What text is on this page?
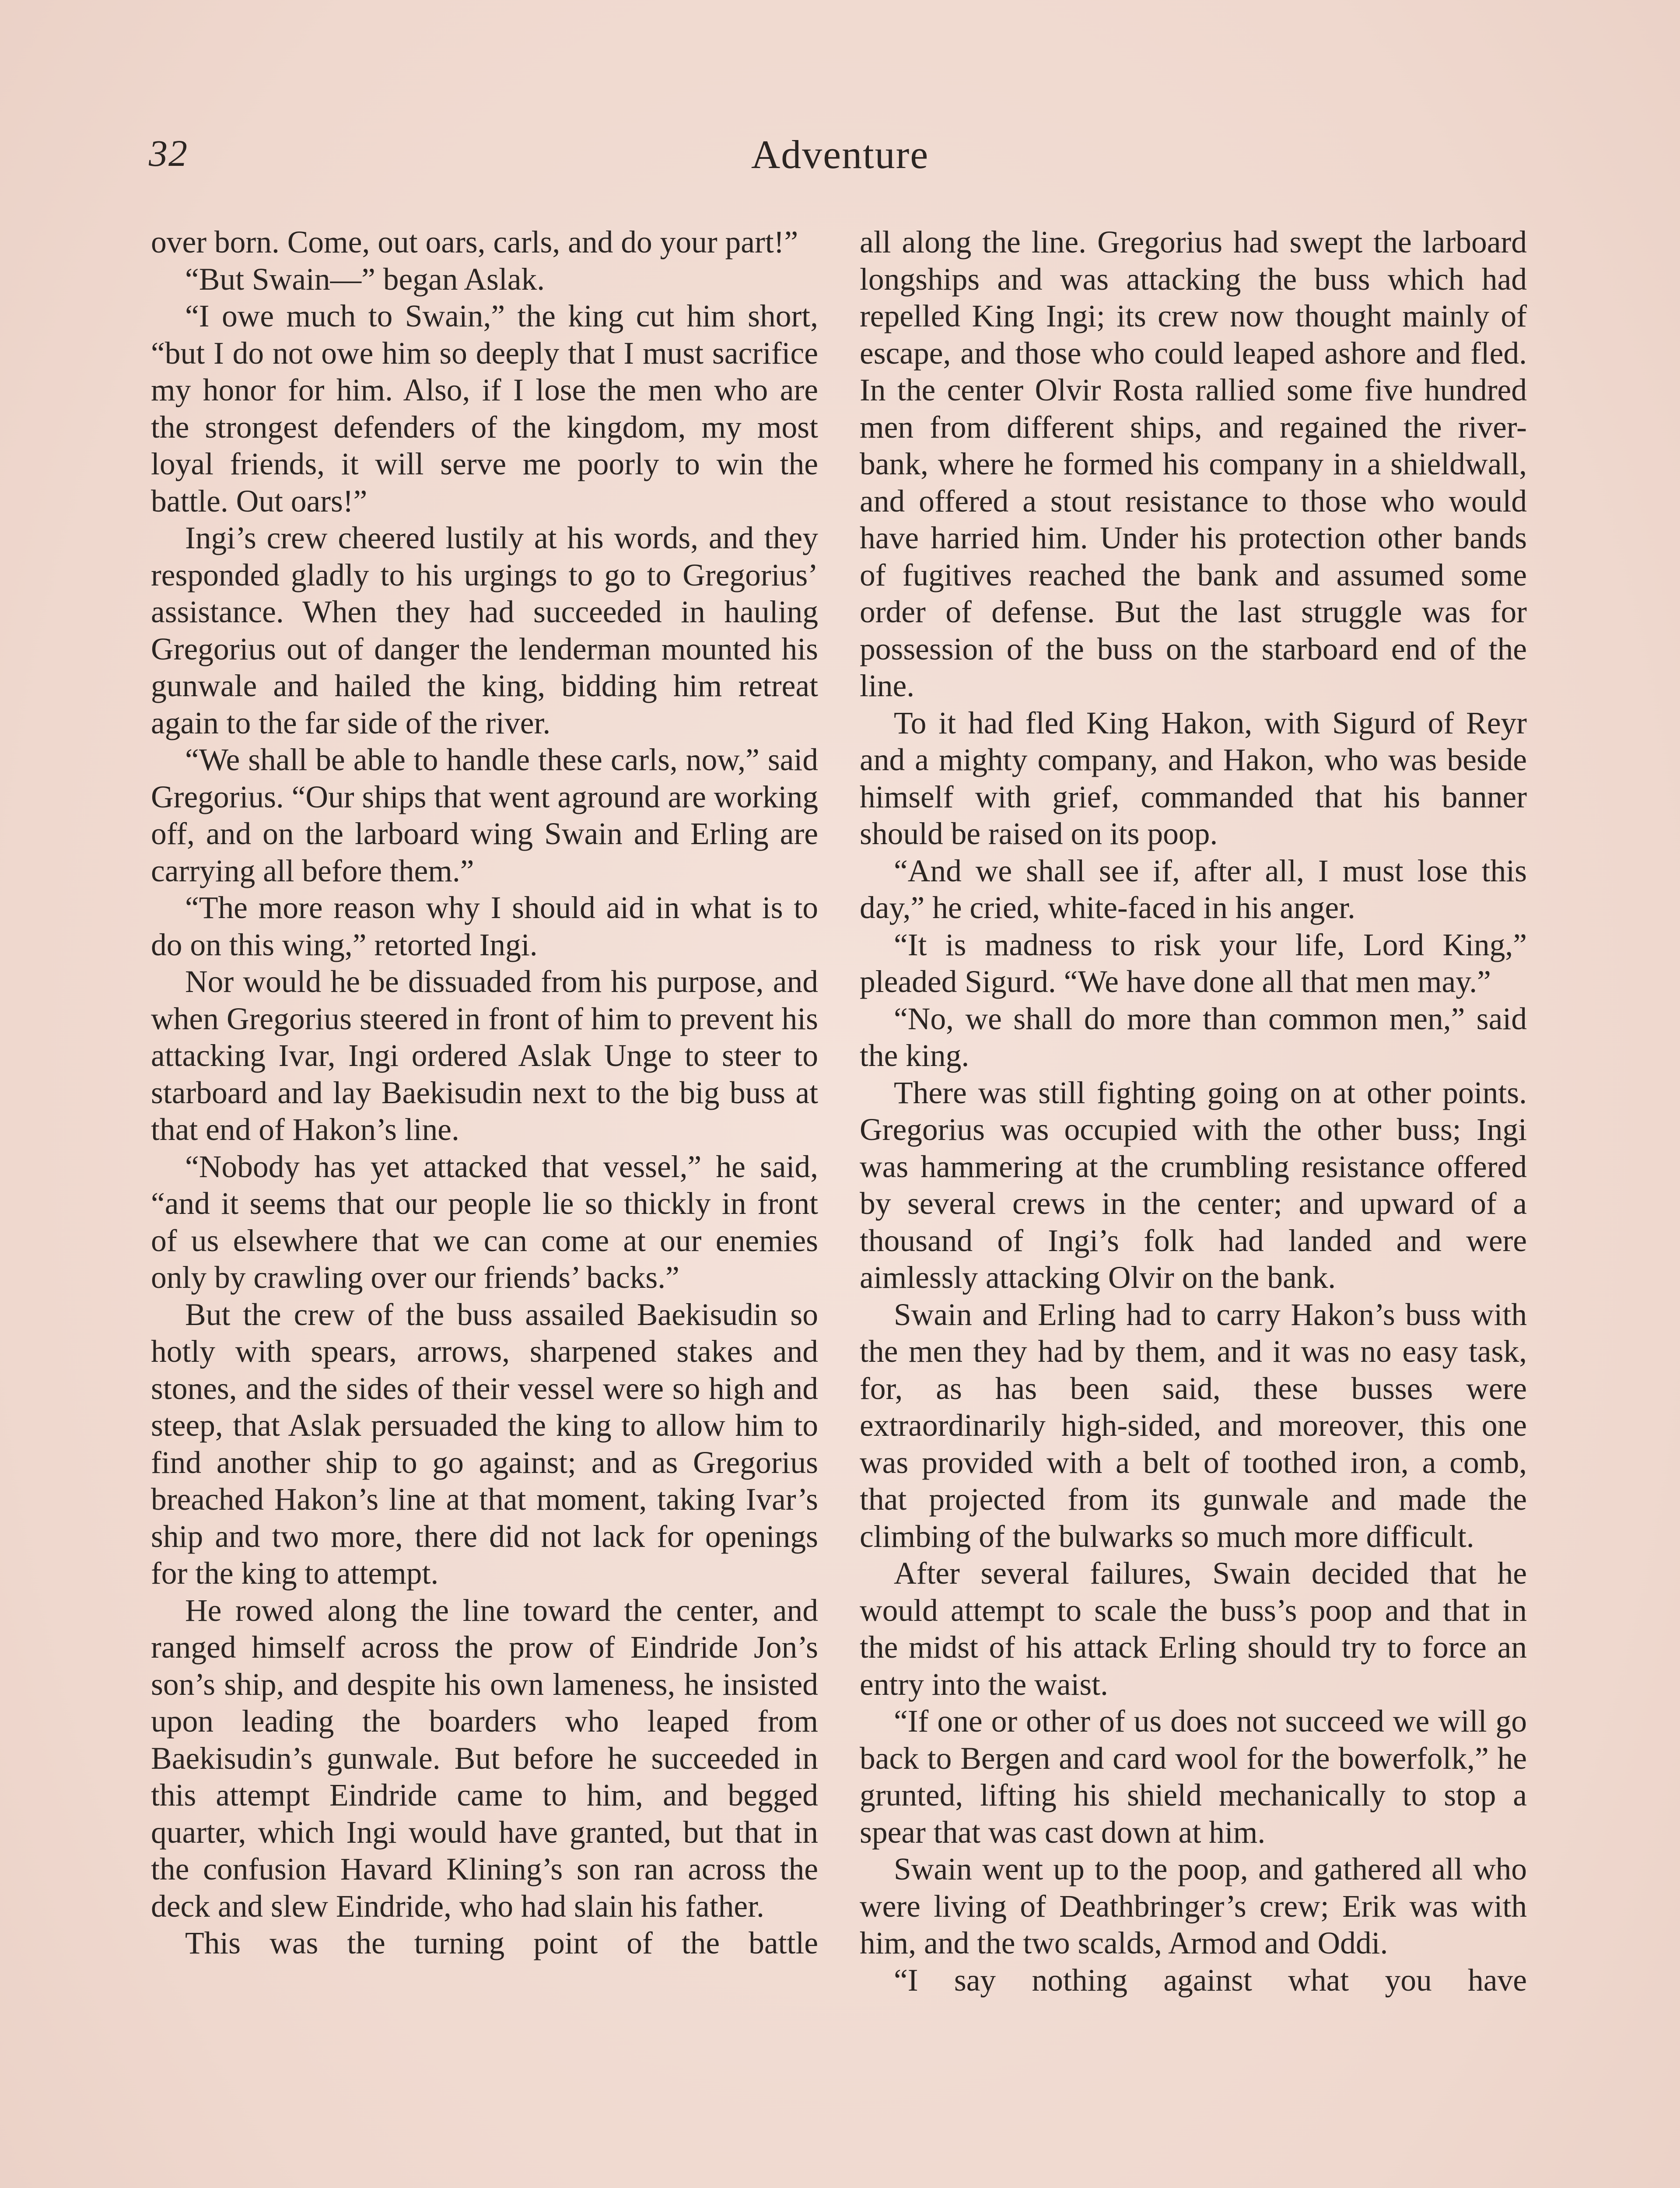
32	Adventure

over born. Come, out oars, carls, and do your part!”

“But Swain—” began Aslak.

“I owe much to Swain,” the king cut him short, “but I do not owe him so deeply that I must sacrifice my honor for him. Also, if I lose the men who are the strongest defenders of the kingdom, my most loyal friends, it will serve me poorly to win the battle. Out oars!”

Ingi’s crew cheered lustily at his words, and they responded gladly to his urgings to go to Gregorius’ assistance. When they had succeeded in hauling Gregorius out of danger the lenderman mounted his gunwale and hailed the king, bidding him retreat again to the far side of the river.

“We shall be able to handle these carls, now,” said Gregorius. “Our ships that went aground are working off, and on the larboard wing Swain and Erling are carrying all before them.”

“The more reason why I should aid in what is to do on this wing,” retorted Ingi.

Nor would he be dissuaded from his purpose, and when Gregorius steered in front of him to prevent his attacking Ivar, Ingi ordered Aslak Unge to steer to starboard and lay Baekisudin next to the big buss at that end of Hakon’s line.

“Nobody has yet attacked that vessel,” he said, “and it seems that our people lie so thickly in front of us elsewhere that we can come at our enemies only by crawling over our friends’ backs.”

But the crew of the buss assailed Baekisudin so hotly with spears, arrows, sharpened stakes and stones, and the sides of their vessel were so high and steep, that Aslak persuaded the king to allow him to find another ship to go against; and as Gregorius breached Hakon’s line at that moment, taking Ivar’s ship and two more, there did not lack for openings for the king to attempt.

He rowed along the line toward the center, and ranged himself across the prow of Eindride Jon’s son’s ship, and despite his own lameness, he insisted upon leading the boarders who leaped from Baekisudin’s gunwale. But before he succeeded in this attempt Eindride came to him, and begged quarter, which Ingi would have granted, but that in the confusion Havard Klining’s son ran across the deck and slew Eindride, who had slain his father.

This was the turning point of the battle

all along the line. Gregorius had swept the larboard longships and was attacking the buss which had repelled King Ingi; its crew now thought mainly of escape, and those who could leaped ashore and fled. In the center Olvir Rosta rallied some five hundred men from different ships, and regained the river-bank, where he formed his company in a shieldwall, and offered a stout resistance to those who would have harried him. Under his protection other bands of fugitives reached the bank and assumed some order of defense. But the last struggle was for possession of the buss on the starboard end of the line.

To it had fled King Hakon, with Sigurd of Reyr and a mighty company, and Hakon, who was beside himself with grief, commanded that his banner should be raised on its poop.

“And we shall see if, after all, I must lose this day,” he cried, white-faced in his anger.

“It is madness to risk your life, Lord King,” pleaded Sigurd. “We have done all that men may.”

“No, we shall do more than common men,” said the king.

There was still fighting going on at other points. Gregorius was occupied with the other buss; Ingi was hammering at the crumbling resistance offered by several crews in the center; and upward of a thousand of Ingi’s folk had landed and were aimlessly attacking Olvir on the bank.

Swain and Erling had to carry Hakon’s buss with the men they had by them, and it was no easy task, for, as has been said, these busses were extraordinarily high-sided, and moreover, this one was provided with a belt of toothed iron, a comb, that projected from its gunwale and made the climbing of the bulwarks so much more difficult.

After several failures, Swain decided that he would attempt to scale the buss’s poop and that in the midst of his attack Erling should try to force an entry into the waist.

“If one or other of us does not succeed we will go back to Bergen and card wool for the bowerfolk,” he grunted, lifting his shield mechanically to stop a spear that was cast down at him.

Swain went up to the poop, and gathered all who were living of Deathbringer’s crew; Erik was with him, and the two scalds, Armod and Oddi.

“I say nothing against what you have
